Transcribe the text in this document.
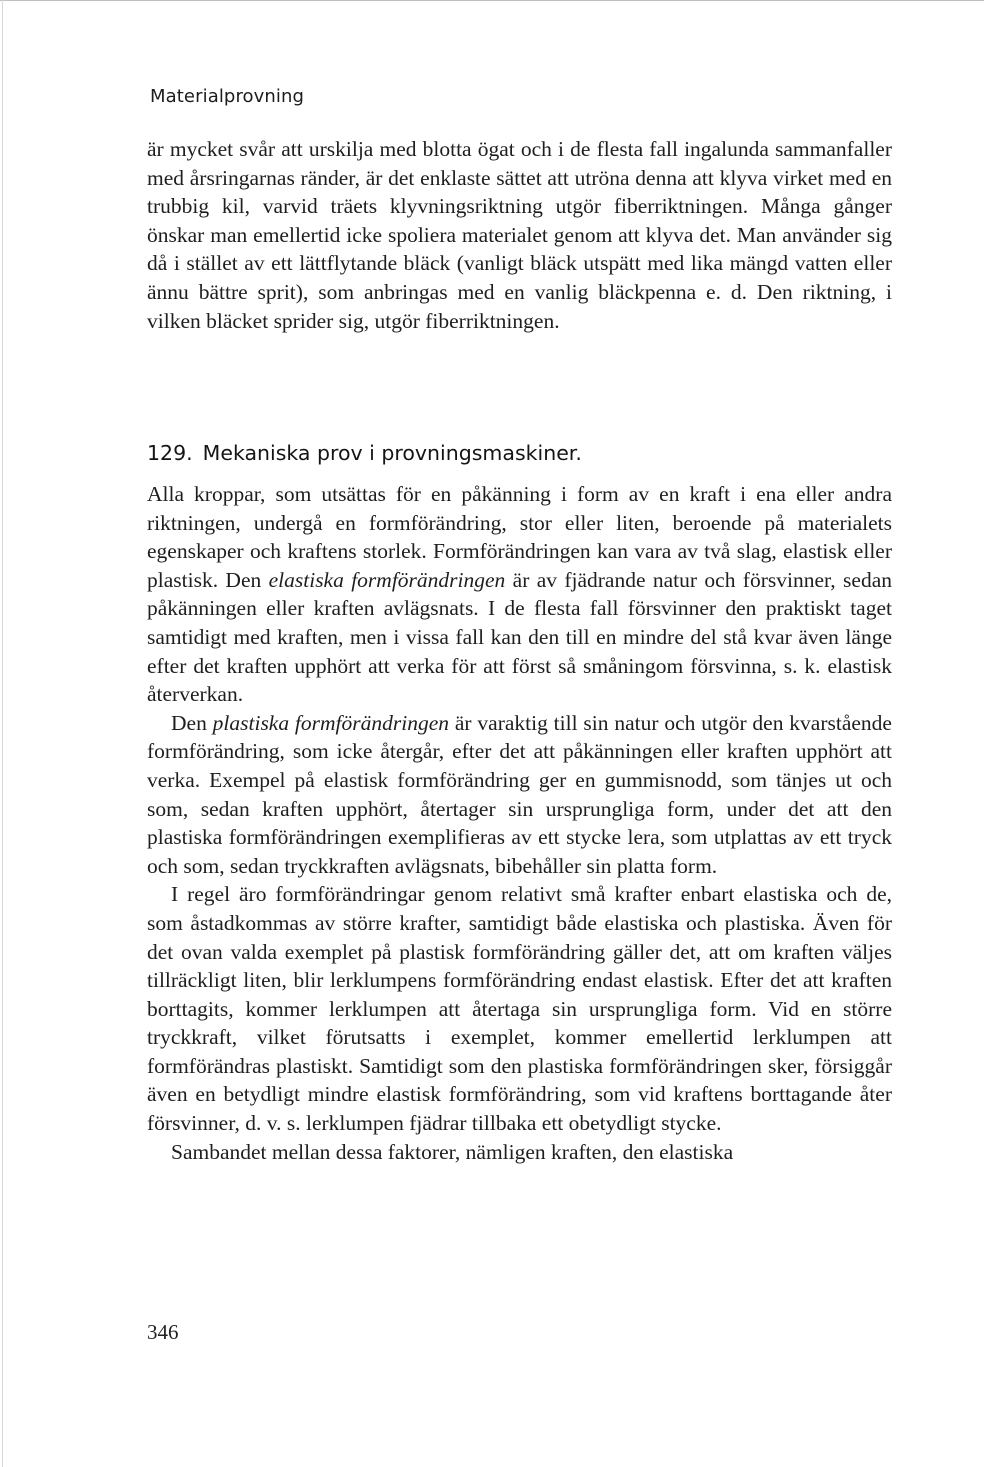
Materialprovning

är mycket svår att urskilja med blotta ögat och i de flesta fall ingalunda sammanfaller med årsringarnas ränder, är det enklaste sättet att utröna denna att klyva virket med en trubbig kil, varvid träets klyvningsriktning utgör fiberriktningen. Många gånger önskar man emellertid icke spoliera materialet genom att klyva det. Man använder sig då i stället av ett lättflytande bläck (vanligt bläck utspätt med lika mängd vatten eller ännu bättre sprit), som anbringas med en vanlig bläckpenna e. d. Den riktning, i vilken bläcket sprider sig, utgör fiberriktningen.

129. Mekaniska prov i provningsmaskiner.

Alla kroppar, som utsättas för en påkänning i form av en kraft i ena eller andra riktningen, undergå en formförändring, stor eller liten, beroende på materialets egenskaper och kraftens storlek. Formförändringen kan vara av två slag, elastisk eller plastisk. Den elastiska formförändringen är av fjädrande natur och försvinner, sedan påkänningen eller kraften avlägsnats. I de flesta fall försvinner den praktiskt taget samtidigt med kraften, men i vissa fall kan den till en mindre del stå kvar även länge efter det kraften upphört att verka för att först så småningom försvinna, s. k. elastisk återverkan.

Den plastiska formförändringen är varaktig till sin natur och utgör den kvarstående formförändring, som icke återgår, efter det att påkänningen eller kraften upphört att verka. Exempel på elastisk formförändring ger en gummisnodd, som tänjes ut och som, sedan kraften upphört, återtager sin ursprungliga form, under det att den plastiska formförändringen exemplifieras av ett stycke lera, som utplattas av ett tryck och som, sedan tryckkraften avlägsnats, bibehåller sin platta form.

I regel äro formförändringar genom relativt små krafter enbart elastiska och de, som åstadkommas av större krafter, samtidigt både elastiska och plastiska. Även för det ovan valda exemplet på plastisk formförändring gäller det, att om kraften väljes tillräckligt liten, blir lerklumpens formförändring endast elastisk. Efter det att kraften borttagits, kommer lerklumpen att återtaga sin ursprungliga form. Vid en större tryckkraft, vilket förutsatts i exemplet, kommer emellertid lerklumpen att formförändras plastiskt. Samtidigt som den plastiska formförändringen sker, försiggår även en betydligt mindre elastisk formförändring, som vid kraftens borttagande åter försvinner, d. v. s. lerklumpen fjädrar tillbaka ett obetydligt stycke.

Sambandet mellan dessa faktorer, nämligen kraften, den elastiska

346
